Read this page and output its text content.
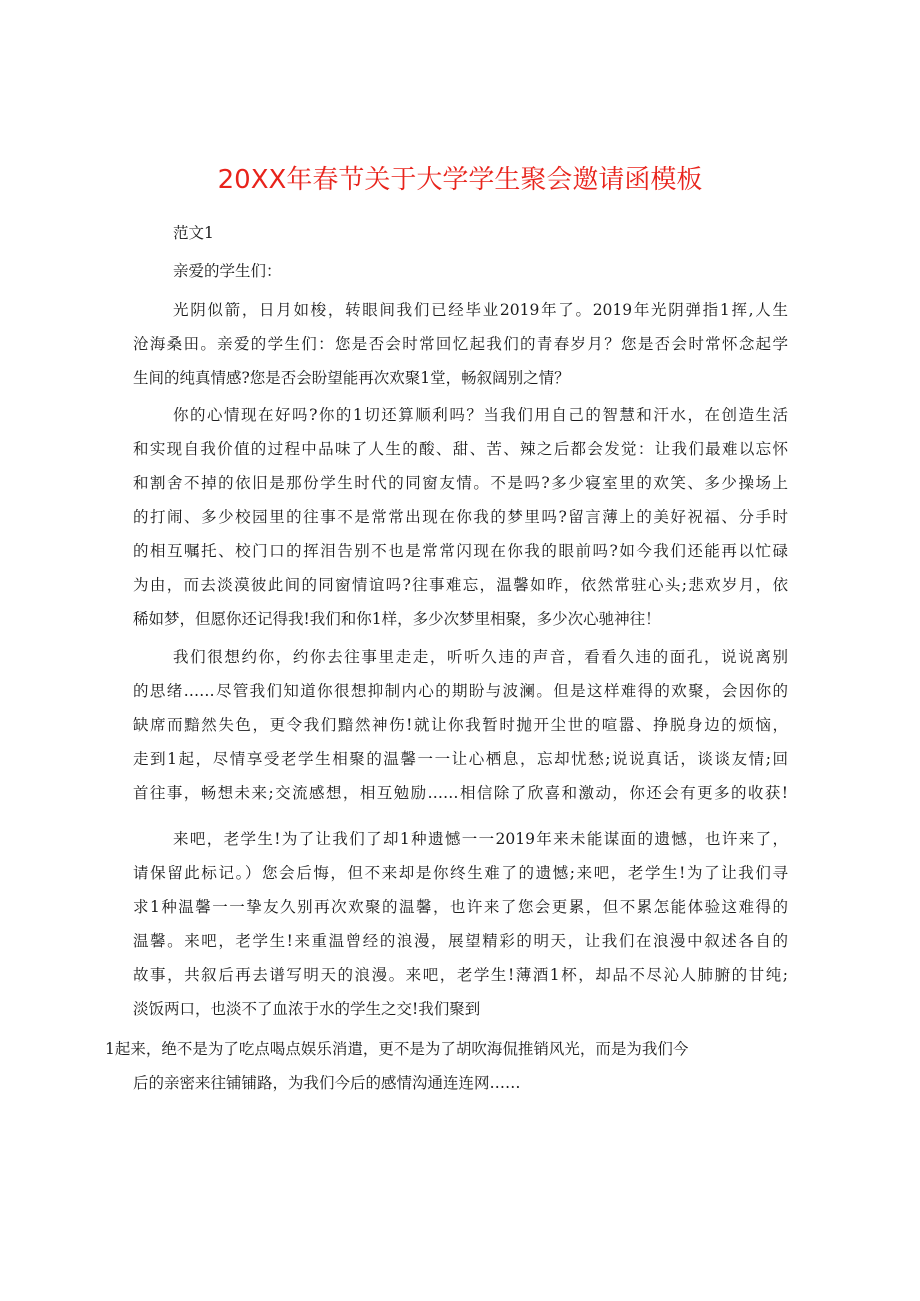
20XX年春节关于大学学生聚会邀请函模板
范文1
亲爱的学生们：
光阴似箭，日月如梭，转眼间我们已经毕业2019年了。2019年光阴弹指1挥,人生
沧海桑田。亲爱的学生们：您是否会时常回忆起我们的青春岁月？您是否会时常怀念起学
生间的纯真情感?您是否会盼望能再次欢聚1堂，畅叙阔别之情？
你的心情现在好吗?你的1切还算顺利吗？当我们用自己的智慧和汗水，在创造生活
和实现自我价值的过程中品味了人生的酸、甜、苦、辣之后都会发觉：让我们最难以忘怀
和割舍不掉的依旧是那份学生时代的同窗友情。不是吗?多少寝室里的欢笑、多少操场上
的打闹、多少校园里的往事不是常常出现在你我的梦里吗?留言薄上的美好祝福、分手时
的相互嘱托、校门口的挥泪告别不也是常常闪现在你我的眼前吗?如今我们还能再以忙碌
为由，而去淡漠彼此间的同窗情谊吗?往事难忘，温馨如昨，依然常驻心头;悲欢岁月，依
稀如梦，但愿你还记得我!我们和你1样，多少次梦里相聚，多少次心驰神往！
我们很想约你，约你去往事里走走，听听久违的声音，看看久违的面孔，说说离别
的思绪……尽管我们知道你很想抑制内心的期盼与波澜。但是这样难得的欢聚，会因你的
缺席而黯然失色，更令我们黯然神伤!就让你我暂时抛开尘世的喧嚣、挣脱身边的烦恼，
走到1起，尽情享受老学生相聚的温馨一一让心栖息，忘却忧愁;说说真话，谈谈友情;回
首往事，畅想未来;交流感想，相互勉励……相信除了欣喜和激动，你还会有更多的收获!
来吧，老学生!为了让我们了却1种遗憾一一2019年来未能谋面的遗憾，也许来了，
请保留此标记。）您会后悔，但不来却是你终生难了的遗憾;来吧，老学生!为了让我们寻
求1种温馨一一挚友久别再次欢聚的温馨，也许来了您会更累，但不累怎能体验这难得的
温馨。来吧，老学生!来重温曾经的浪漫，展望精彩的明天，让我们在浪漫中叙述各自的
故事，共叙后再去谱写明天的浪漫。来吧，老学生!薄酒1杯，却品不尽沁人肺腑的甘纯;
淡饭两口，也淡不了血浓于水的学生之交!我们聚到
1起来，绝不是为了吃点喝点娱乐消遣，更不是为了胡吹海侃推销风光，而是为我们今
后的亲密来往铺铺路，为我们今后的感情沟通连连网……
